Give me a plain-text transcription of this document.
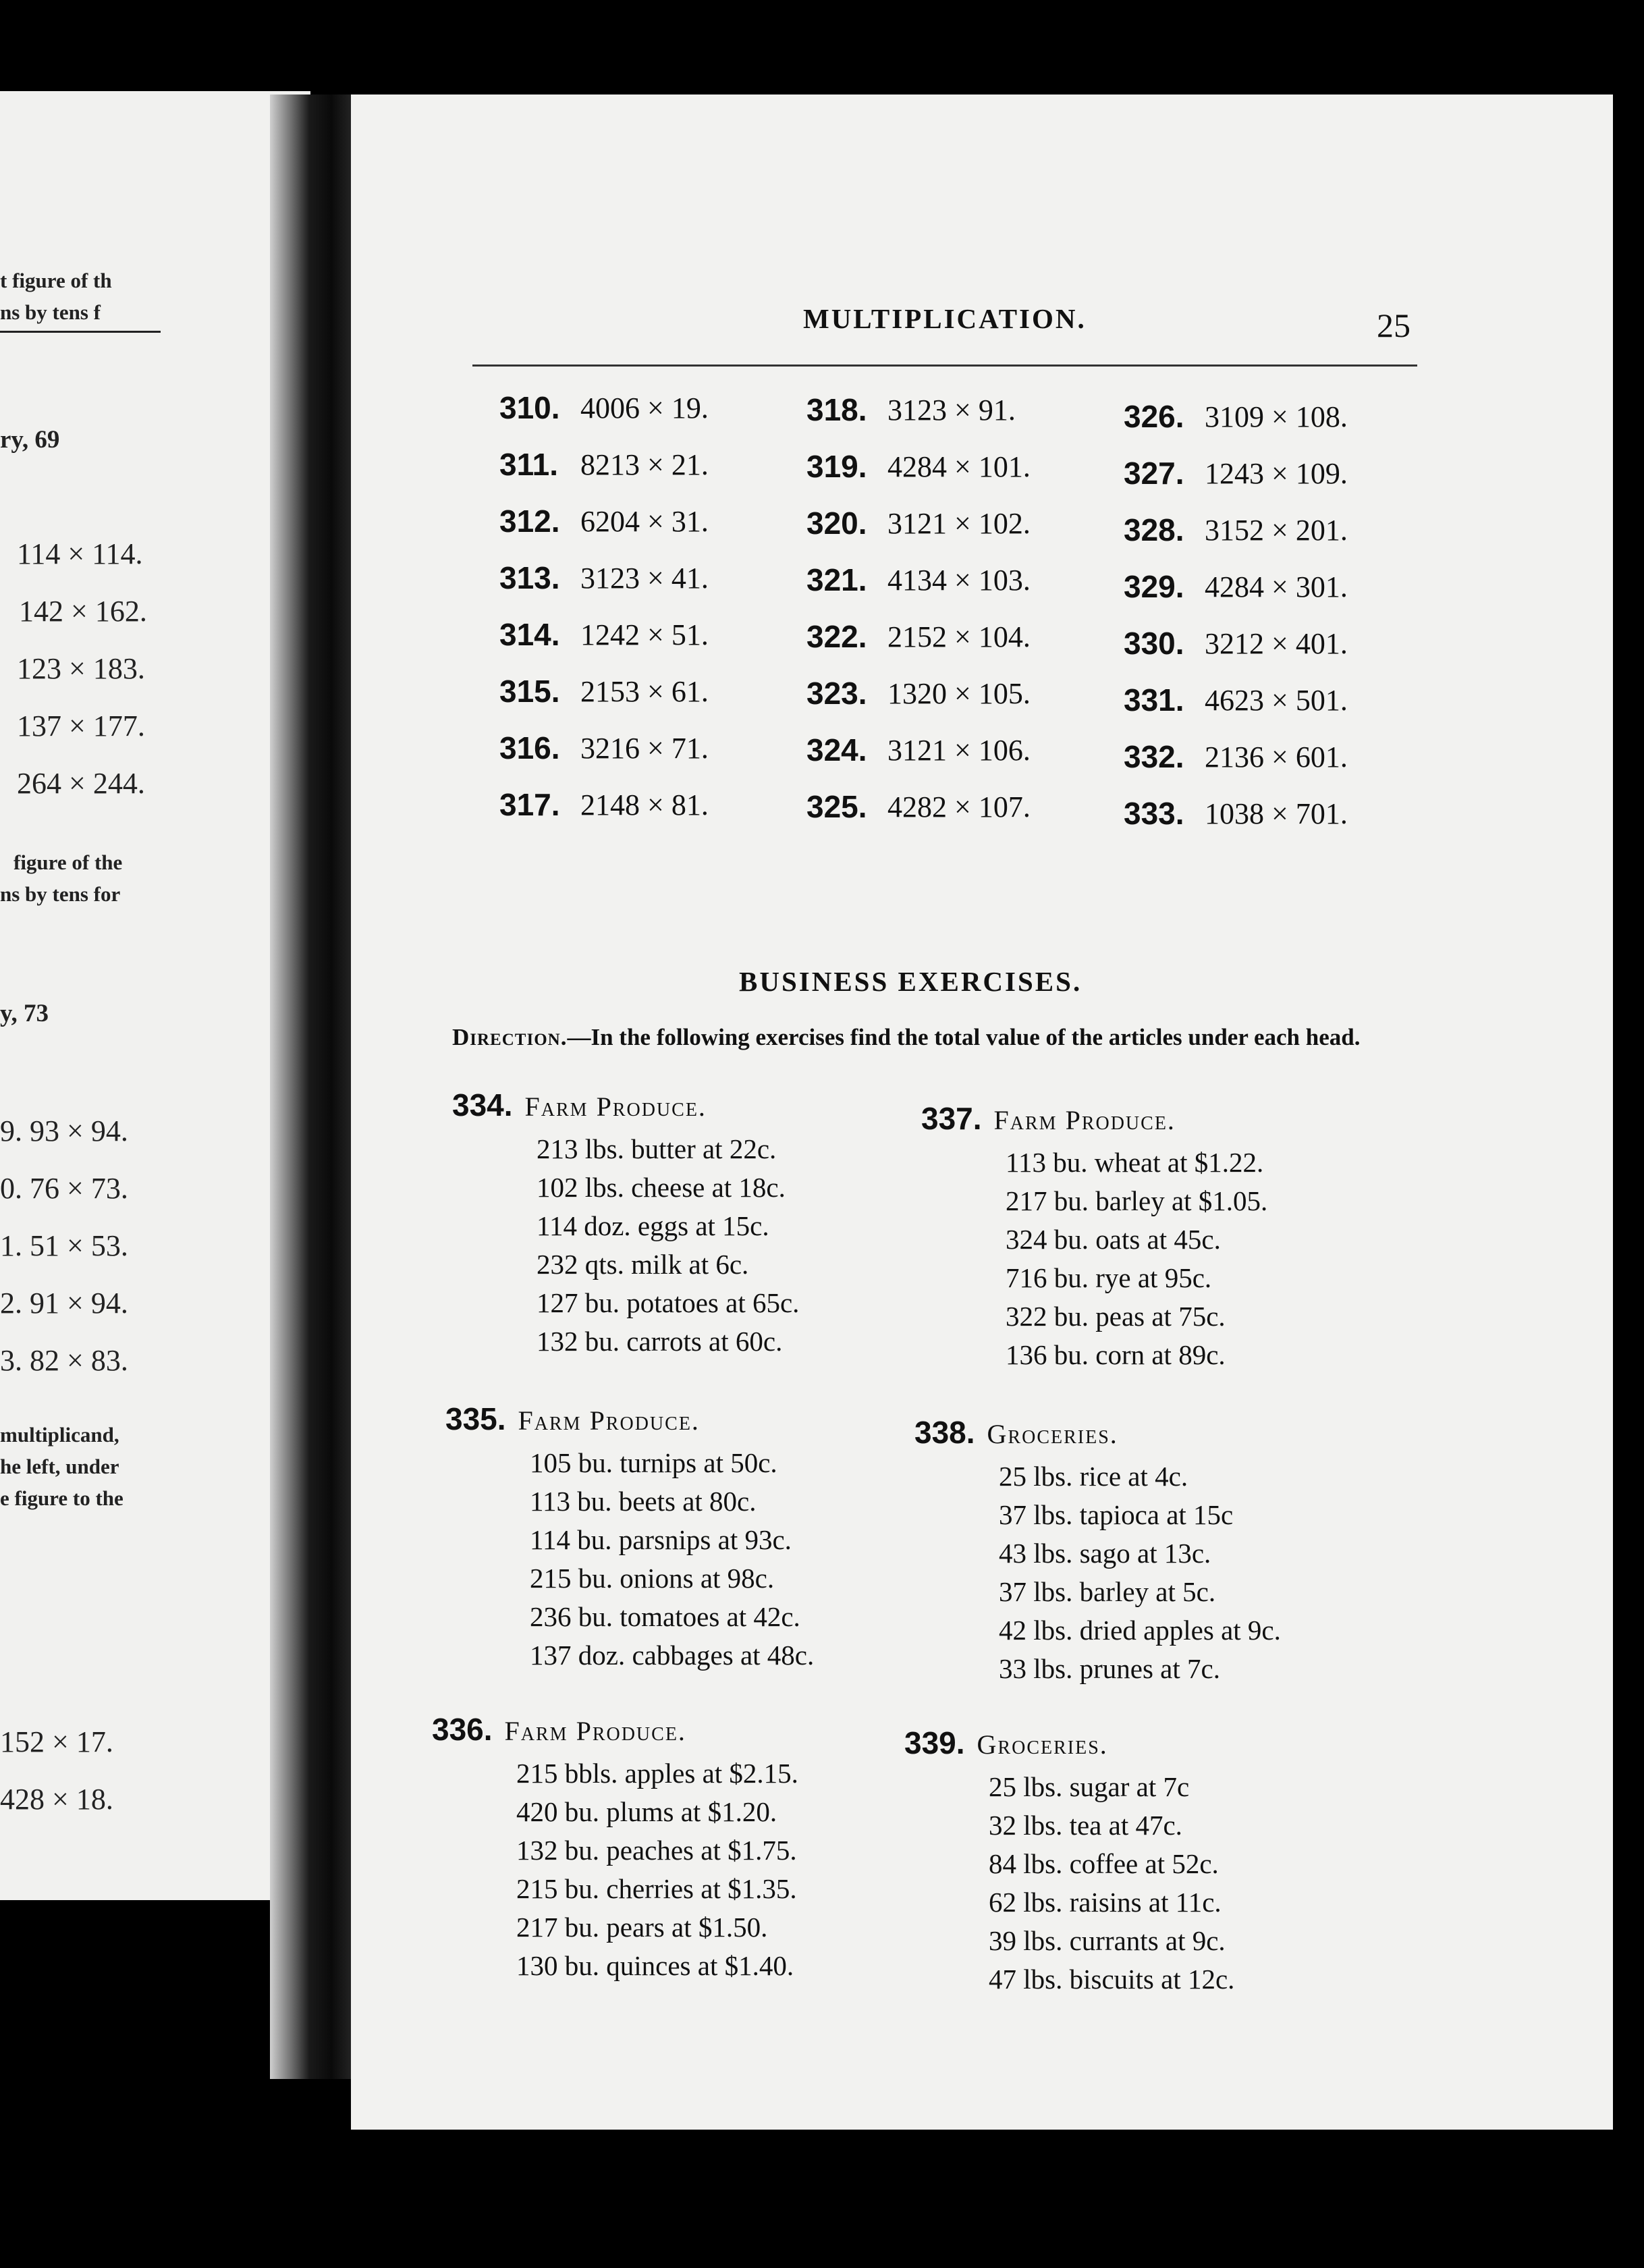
t figure of th
ns by tens f
ry, 69
114 × 114.
142 × 162.
123 × 183.
137 × 177.
264 × 244.
figure of the
ns by tens for
y, 73
9. 93 × 94.
0. 76 × 73.
1. 51 × 53.
2. 91 × 94.
3. 82 × 83.
multiplicand,
he left, under
e figure to the
152 × 17.
428 × 18.
MULTIPLICATION.	25
310. 4006 × 19.
311. 8213 × 21.
312. 6204 × 31.
313. 3123 × 41.
314. 1242 × 51.
315. 2153 × 61.
316. 3216 × 71.
317. 2148 × 81.
318. 3123 × 91.
319. 4284 × 101.
320. 3121 × 102.
321. 4134 × 103.
322. 2152 × 104.
323. 1320 × 105.
324. 3121 × 106.
325. 4282 × 107.
326. 3109 × 108.
327. 1243 × 109.
328. 3152 × 201.
329. 4284 × 301.
330. 3212 × 401.
331. 4623 × 501.
332. 2136 × 601.
333. 1038 × 701.
BUSINESS EXERCISES.
Direction.—In the following exercises find the total value of the articles under each head.
334. Farm Produce.
213 lbs. butter at 22c.
102 lbs. cheese at 18c.
114 doz. eggs at 15c.
232 qts. milk at 6c.
127 bu. potatoes at 65c.
132 bu. carrots at 60c.
335. Farm Produce.
105 bu. turnips at 50c.
113 bu. beets at 80c.
114 bu. parsnips at 93c.
215 bu. onions at 98c.
236 bu. tomatoes at 42c.
137 doz. cabbages at 48c.
336. Farm Produce.
215 bbls. apples at $2.15.
420 bu. plums at $1.20.
132 bu. peaches at $1.75.
215 bu. cherries at $1.35.
217 bu. pears at $1.50.
130 bu. quinces at $1.40.
337. Farm Produce.
113 bu. wheat at $1.22.
217 bu. barley at $1.05.
324 bu. oats at 45c.
716 bu. rye at 95c.
322 bu. peas at 75c.
136 bu. corn at 89c.
338. Groceries.
25 lbs. rice at 4c.
37 lbs. tapioca at 15c
43 lbs. sago at 13c.
37 lbs. barley at 5c.
42 lbs. dried apples at 9c.
33 lbs. prunes at 7c.
339. Groceries.
25 lbs. sugar at 7c
32 lbs. tea at 47c.
84 lbs. coffee at 52c.
62 lbs. raisins at 11c.
39 lbs. currants at 9c.
47 lbs. biscuits at 12c.
